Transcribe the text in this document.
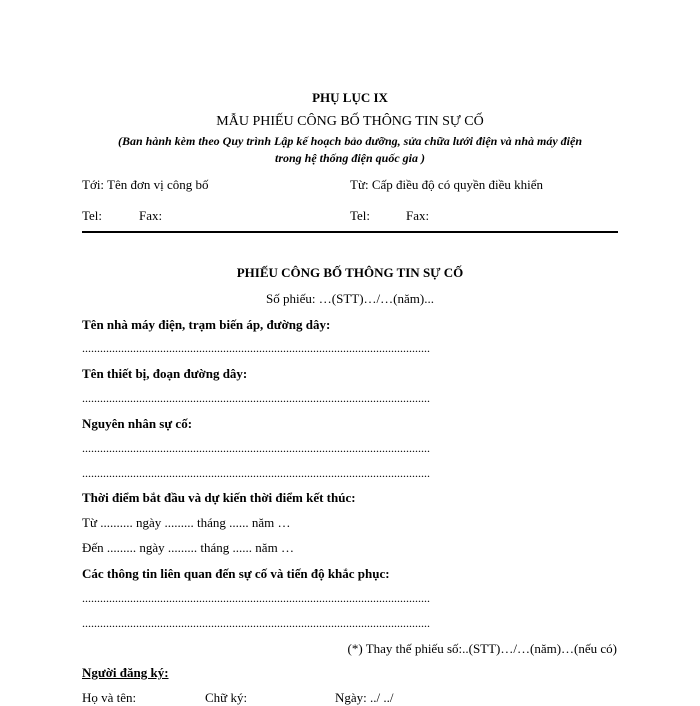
PHỤ LỤC IX
MẪU PHIẾU CÔNG BỐ THÔNG TIN SỰ CỐ
(Ban hành kèm theo Quy trình Lập kế hoạch bảo dưỡng, sửa chữa lưới điện và nhà máy điện
trong hệ thống điện quốc gia )
Tới: Tên đơn vị công bố	Từ: Cấp điều độ có quyền điều khiển
Tel:	Fax:	Tel:	Fax:
PHIẾU CÔNG BỐ THÔNG TIN SỰ CỐ
Số phiếu: …(STT)…/…(năm)...
Tên nhà máy điện, trạm biến áp, đường dây:
....................................................................................................................
Tên thiết bị, đoạn đường dây:
....................................................................................................................
Nguyên nhân sự cố:
....................................................................................................................
....................................................................................................................
Thời điểm bắt đầu và dự kiến thời điểm kết thúc:
Từ .......... ngày ......... tháng ...... năm …
Đến ......... ngày ......... tháng ...... năm …
Các thông tin liên quan đến sự cố và tiến độ khắc phục:
....................................................................................................................
....................................................................................................................
(*) Thay thế phiếu số:..(STT)…/…(năm)…(nếu có)
Người đăng ký:
Họ và tên:	Chữ ký:	Ngày: ../ ../
